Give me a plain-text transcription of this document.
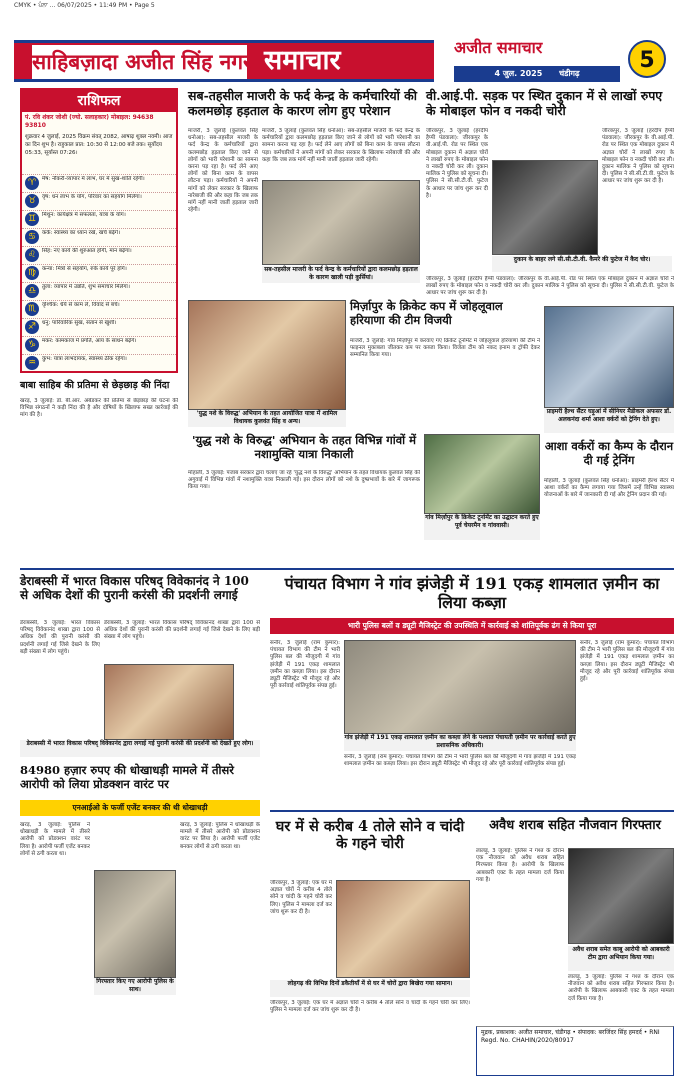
CMYK • ਪੰਨਾ ... 06/07/2025 • 11:49 PM • Page 5
साहिबज़ादा अजीत सिंह नगर समाचार	अजीत समाचार
4 जुल. 2025 चंडीगढ़
5
राशिफल
पं. रवि शंकर जोशी (ज्यो. सलाहकार) मोबाइल: 94638 93810
शुक्रवार 4 जुलाई, 2025 विक्रम संवत् 2082, आषाढ़ शुक्ल नवमी। आज का दिन शुभ है। राहुकाल प्रात: 10:30 से 12:00 बजे तक। सूर्योदय 05:33, सूर्यास्त 07:26।
♈	मेष: नौकरी-व्यापार में लाभ, घर में सुख-शांति रहेगी।
♉	वृष: धन लाभ के योग, परिवार का सहयोग मिलेगा।
♊	मिथुन: कार्यक्षेत्र में सफलता, यात्रा के योग।
♋	कर्क: स्वास्थ्य का ध्यान रखें, खर्च बढ़ेंगे।
♌	सिंह: नए कार्य की शुरुआत होगी, मान बढ़ेगा।
♍	कन्या: मित्रों से सहयोग, रुके कार्य पूरे होंगे।
♎	तुला: व्यापार में उन्नति, शुभ समाचार मिलेगा।
♏	वृश्चिक: धैर्य से काम लें, विवाद से बचें।
♐	धनु: पारिवारिक सुख, संतान से खुशी।
♑	मकर: कामकाज में प्रगति, आय के साधन बढ़ेंगे।
♒	कुंभ: यात्रा लाभदायक, स्वास्थ्य ठीक रहेगा।
सब-तहसील माजरी के फर्द केन्द्र के कर्मचारियों की कलमछोड़ हड़ताल के कारण लोग हुए परेशान
माजरी, 3 जुलाई (कुलवंत सिंह धनोआ): सब-तहसील माजरी के फर्द केन्द्र के कर्मचारियों द्वारा कलमछोड़ हड़ताल किए जाने से लोगों को भारी परेशानी का सामना करना पड़ रहा है। फर्द लेने आए लोगों को बिना काम के वापस लौटना पड़ा। कर्मचारियों ने अपनी मांगों को लेकर सरकार के खिलाफ नारेबाजी की और कहा कि जब तक मांगें नहीं मानी जातीं हड़ताल जारी रहेगी।
सब-तहसील माजरी के फर्द केन्द्र के कर्मचारियों द्वारा कलमछोड़ हड़ताल के कारण खाली पड़ी कुर्सियां।
माजरी, 3 जुलाई (कुलवंत सिंह धनोआ): सब-तहसील माजरी के फर्द केन्द्र के कर्मचारियों द्वारा कलमछोड़ हड़ताल किए जाने से लोगों को भारी परेशानी का सामना करना पड़ रहा है। फर्द लेने आए लोगों को बिना काम के वापस लौटना पड़ा। कर्मचारियों ने अपनी मांगों को लेकर सरकार के खिलाफ नारेबाजी की और कहा कि जब तक मांगें नहीं मानी जातीं हड़ताल जारी रहेगी।
वी.आई.पी. सड़क पर स्थित दुकान में से लाखों रुपए के मोबाइल फोन व नकदी चोरी
जीरकपुर, 3 जुलाई (हरदीप हैप्पी पंडवाला): जीरकपुर के वी.आई.पी. रोड पर स्थित एक मोबाइल दुकान में अज्ञात चोरों ने लाखों रुपए के मोबाइल फोन व नकदी चोरी कर ली। दुकान मालिक ने पुलिस को सूचना दी। पुलिस ने सी.सी.टी.वी. फुटेज के आधार पर जांच शुरू कर दी है।
दुकान के बाहर लगे सी.सी.टी.वी. कैमरे की फुटेज में कैद चोर।
जीरकपुर, 3 जुलाई (हरदीप हैप्पी पंडवाला): जीरकपुर के वी.आई.पी. रोड पर स्थित एक मोबाइल दुकान में अज्ञात चोरों ने लाखों रुपए के मोबाइल फोन व नकदी चोरी कर ली। दुकान मालिक ने पुलिस को सूचना दी। पुलिस ने सी.सी.टी.वी. फुटेज के आधार पर जांच शुरू कर दी है।
जीरकपुर, 3 जुलाई (हरदीप हैप्पी पंडवाला): जीरकपुर के वी.आई.पी. रोड पर स्थित एक मोबाइल दुकान में अज्ञात चोरों ने लाखों रुपए के मोबाइल फोन व नकदी चोरी कर ली। दुकान मालिक ने पुलिस को सूचना दी। पुलिस ने सी.सी.टी.वी. फुटेज के आधार पर जांच शुरू कर दी है।
'युद्ध नशे के विरुद्ध' अभियान के तहत आयोजित यात्रा में शामिल विधायक कुलवंत सिंह व अन्य।
'युद्ध नशे के विरुद्ध' अभियान के तहत विभिन्न गांवों में नशामुक्ति यात्रा निकाली
मोहाली, 3 जुलाई: पंजाब सरकार द्वारा चलाए जा रहे 'युद्ध नशे के विरुद्ध' अभियान के तहत विधायक कुलवंत सिंह की अगुवाई में विभिन्न गांवों में नशामुक्ति यात्रा निकाली गई। इस दौरान लोगों को नशे के दुष्प्रभावों के बारे में जागरूक किया गया।
मिर्ज़ापुर के क्रिकेट कप में जोहलूवाल हरियाणा की टीम विजयी
माजरी, 3 जुलाई: गांव मिर्ज़ापुर में करवाए गए क्रिकेट टूर्नामेंट में जोहलूवाल हरियाणा की टीम ने फाइनल मुकाबला जीतकर कप पर कब्जा किया। विजेता टीम को नकद इनाम व ट्रॉफी देकर सम्मानित किया गया।
गांव मिर्ज़ापुर के क्रिकेट टूर्नामेंट का उद्घाटन करते हुए पूर्व चेयरमैन व गांववासी।
प्राइमरी हैल्थ सैंटर घड़ूआं में सीनियर मैडीकल अफसर डॉ. अलकनंदा शर्मा आशा वर्करों को ट्रेनिंग देते हुए।
आशा वर्करों का कैम्प के दौरान दी गई ट्रेनिंग
मोहाली, 3 जुलाई (कुलवंत सिंह धनोआ): प्राइमरी हैल्थ सैंटर में आशा वर्करों का कैम्प लगाया गया जिसमें उन्हें विभिन्न स्वास्थ्य योजनाओं के बारे में जानकारी दी गई और ट्रेनिंग प्रदान की गई।
बाबा साहिब की प्रतिमा से छेड़छाड़ की निंदा
खरड़, 3 जुलाई: डॉ. बी.आर. अंबेडकर की प्रतिमा से छेड़छाड़ की घटना की विभिन्न संगठनों ने कड़ी निंदा की है और दोषियों के खिलाफ सख्त कार्रवाई की मांग की है।
डेराबस्सी में भारत विकास परिषद् विवेकानंद ने 100 से अधिक देशों की पुरानी करंसी की प्रदर्शनी लगाई
डेराबस्सी, 3 जुलाई: भारत विकास परिषद् विवेकानंद शाखा द्वारा 100 से अधिक देशों की पुरानी करंसी की प्रदर्शनी लगाई गई जिसे देखने के लिए बड़ी संख्या में लोग पहुंचे।
डेराबस्सी में भारत विकास परिषद् विवेकानंद द्वारा लगाई गई पुरानी करंसी की प्रदर्शनी को देखते हुए लोग।
डेराबस्सी, 3 जुलाई: भारत विकास परिषद् विवेकानंद शाखा द्वारा 100 से अधिक देशों की पुरानी करंसी की प्रदर्शनी लगाई गई जिसे देखने के लिए बड़ी संख्या में लोग पहुंचे।
पंचायत विभाग ने गांव झंजेड़ी में 191 एकड़ शामलात ज़मीन का लिया कब्ज़ा
भारी पुलिस बलों व ड्यूटी मैजिस्ट्रेट की उपस्थिति में कार्रवाई को शांतिपूर्वक ढंग से किया पूरा
सनौर, 3 जुलाई (राम कुमार): पंचायत विभाग की टीम ने भारी पुलिस बल की मौजूदगी में गांव झंजेड़ी में 191 एकड़ शामलात ज़मीन का कब्ज़ा लिया। इस दौरान ड्यूटी मैजिस्ट्रेट भी मौजूद रहे और पूरी कार्रवाई शांतिपूर्वक संपन्न हुई।
गांव झंजेड़ी में 191 एकड़ शामलात ज़मीन का कब्ज़ा लेने के पश्चात पंचायती ज़मीन पर कार्रवाई करते हुए प्रशासनिक अधिकारी।
सनौर, 3 जुलाई (राम कुमार): पंचायत विभाग की टीम ने भारी पुलिस बल की मौजूदगी में गांव झंजेड़ी में 191 एकड़ शामलात ज़मीन का कब्ज़ा लिया। इस दौरान ड्यूटी मैजिस्ट्रेट भी मौजूद रहे और पूरी कार्रवाई शांतिपूर्वक संपन्न हुई।
सनौर, 3 जुलाई (राम कुमार): पंचायत विभाग की टीम ने भारी पुलिस बल की मौजूदगी में गांव झंजेड़ी में 191 एकड़ शामलात ज़मीन का कब्ज़ा लिया। इस दौरान ड्यूटी मैजिस्ट्रेट भी मौजूद रहे और पूरी कार्रवाई शांतिपूर्वक संपन्न हुई।
84980 हज़ार रुपए की धोखाधड़ी मामले में तीसरे आरोपी को लिया प्रोडक्शन वारंट पर
एनआईओ के फर्जी एजेंट बनकर की थी धोखाधड़ी
खरड़, 3 जुलाई: पुलिस ने धोखाधड़ी के मामले में तीसरे आरोपी को प्रोडक्शन वारंट पर लिया है। आरोपी फर्जी एजेंट बनकर लोगों से ठगी करता था।
गिरफ्तार किए गए आरोपी पुलिस के साथ।
खरड़, 3 जुलाई: पुलिस ने धोखाधड़ी के मामले में तीसरे आरोपी को प्रोडक्शन वारंट पर लिया है। आरोपी फर्जी एजेंट बनकर लोगों से ठगी करता था।
घर में से करीब 4 तोले सोने व चांदी के गहने चोरी
जीरकपुर, 3 जुलाई: एक घर में अज्ञात चोरों ने करीब 4 तोले सोने व चांदी के गहने चोरी कर लिए। पुलिस ने मामला दर्ज कर जांच शुरू कर दी है।
लोहगढ़ की विभिन्न दिनों डकैतीयाँ में से घर में चोरों द्वारा बिखेरा गया सामान।
जीरकपुर, 3 जुलाई: एक घर में अज्ञात चोरों ने करीब 4 तोले सोने व चांदी के गहने चोरी कर लिए। पुलिस ने मामला दर्ज कर जांच शुरू कर दी है।
अवैध शराब सहित नौजवान गिरफ्तार
लालड़ू, 3 जुलाई: पुलिस ने गश्त के दौरान एक नौजवान को अवैध शराब सहित गिरफ्तार किया है। आरोपी के खिलाफ आबकारी एक्ट के तहत मामला दर्ज किया गया है।
अवैध शराब समेत काबू आरोपी को आबकारी टीम द्वारा अभियान किया गया।
लालड़ू, 3 जुलाई: पुलिस ने गश्त के दौरान एक नौजवान को अवैध शराब सहित गिरफ्तार किया है। आरोपी के खिलाफ आबकारी एक्ट के तहत मामला दर्ज किया गया है।
मुद्रक, प्रकाशक: अजीत समाचार, चंडीगढ़ • संपादक: बरजिंदर सिंह हमदर्द • RNI Regd. No. CHAHIN/2020/80917
